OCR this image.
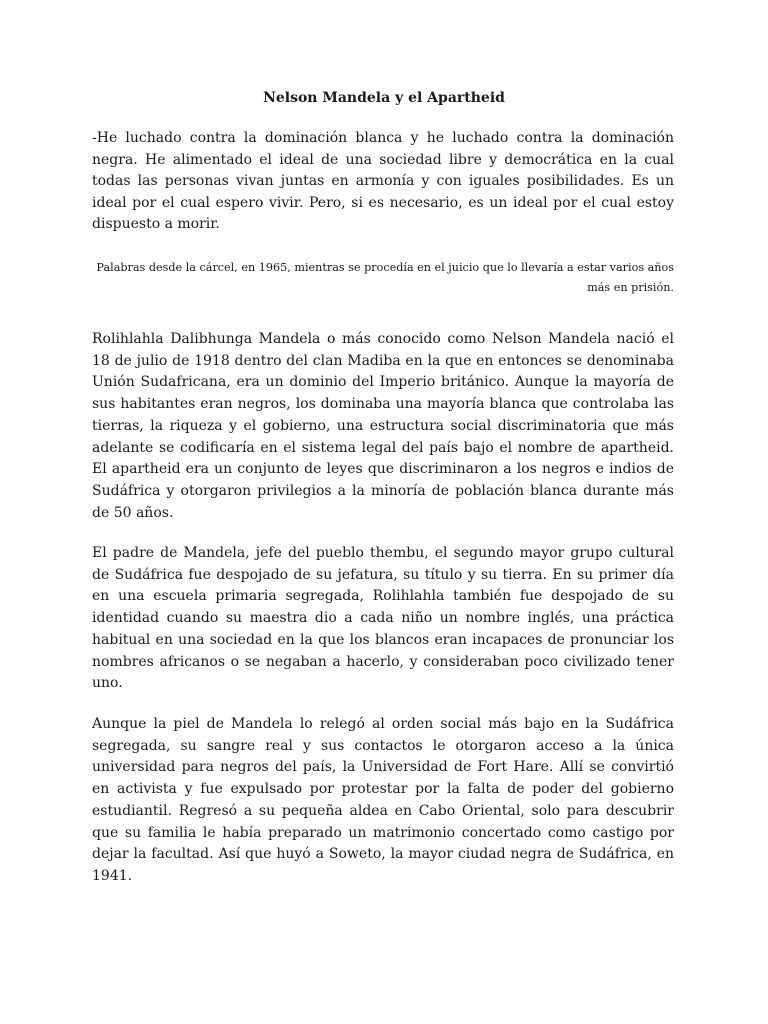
Nelson Mandela y el Apartheid

-He luchado contra la dominación blanca y he luchado contra la dominación negra. He alimentado el ideal de una sociedad libre y democrática en la cual todas las personas vivan juntas en armonía y con iguales posibilidades. Es un ideal por el cual espero vivir. Pero, si es necesario, es un ideal por el cual estoy dispuesto a morir.

Palabras desde la cárcel, en 1965, mientras se procedía en el juicio que lo llevaría a estar varios años más en prisión.

Rolihlahla Dalibhunga Mandela o más conocido como Nelson Mandela nació el 18 de julio de 1918 dentro del clan Madiba en la que en entonces se denominaba Unión Sudafricana, era un dominio del Imperio británico. Aunque la mayoría de sus habitantes eran negros, los dominaba una mayoría blanca que controlaba las tierras, la riqueza y el gobierno, una estructura social discriminatoria que más adelante se codificaría en el sistema legal del país bajo el nombre de apartheid. El apartheid era un conjunto de leyes que discriminaron a los negros e indios de Sudáfrica y otorgaron privilegios a la minoría de población blanca durante más de 50 años.

El padre de Mandela, jefe del pueblo thembu, el segundo mayor grupo cultural de Sudáfrica fue despojado de su jefatura, su título y su tierra. En su primer día en una escuela primaria segregada, Rolihlahla también fue despojado de su identidad cuando su maestra dio a cada niño un nombre inglés, una práctica habitual en una sociedad en la que los blancos eran incapaces de pronunciar los nombres africanos o se negaban a hacerlo, y consideraban poco civilizado tener uno.

Aunque la piel de Mandela lo relegó al orden social más bajo en la Sudáfrica segregada, su sangre real y sus contactos le otorgaron acceso a la única universidad para negros del país, la Universidad de Fort Hare. Allí se convirtió en activista y fue expulsado por protestar por la falta de poder del gobierno estudiantil. Regresó a su pequeña aldea en Cabo Oriental, solo para descubrir que su familia le había preparado un matrimonio concertado como castigo por dejar la facultad. Así que huyó a Soweto, la mayor ciudad negra de Sudáfrica, en 1941.
